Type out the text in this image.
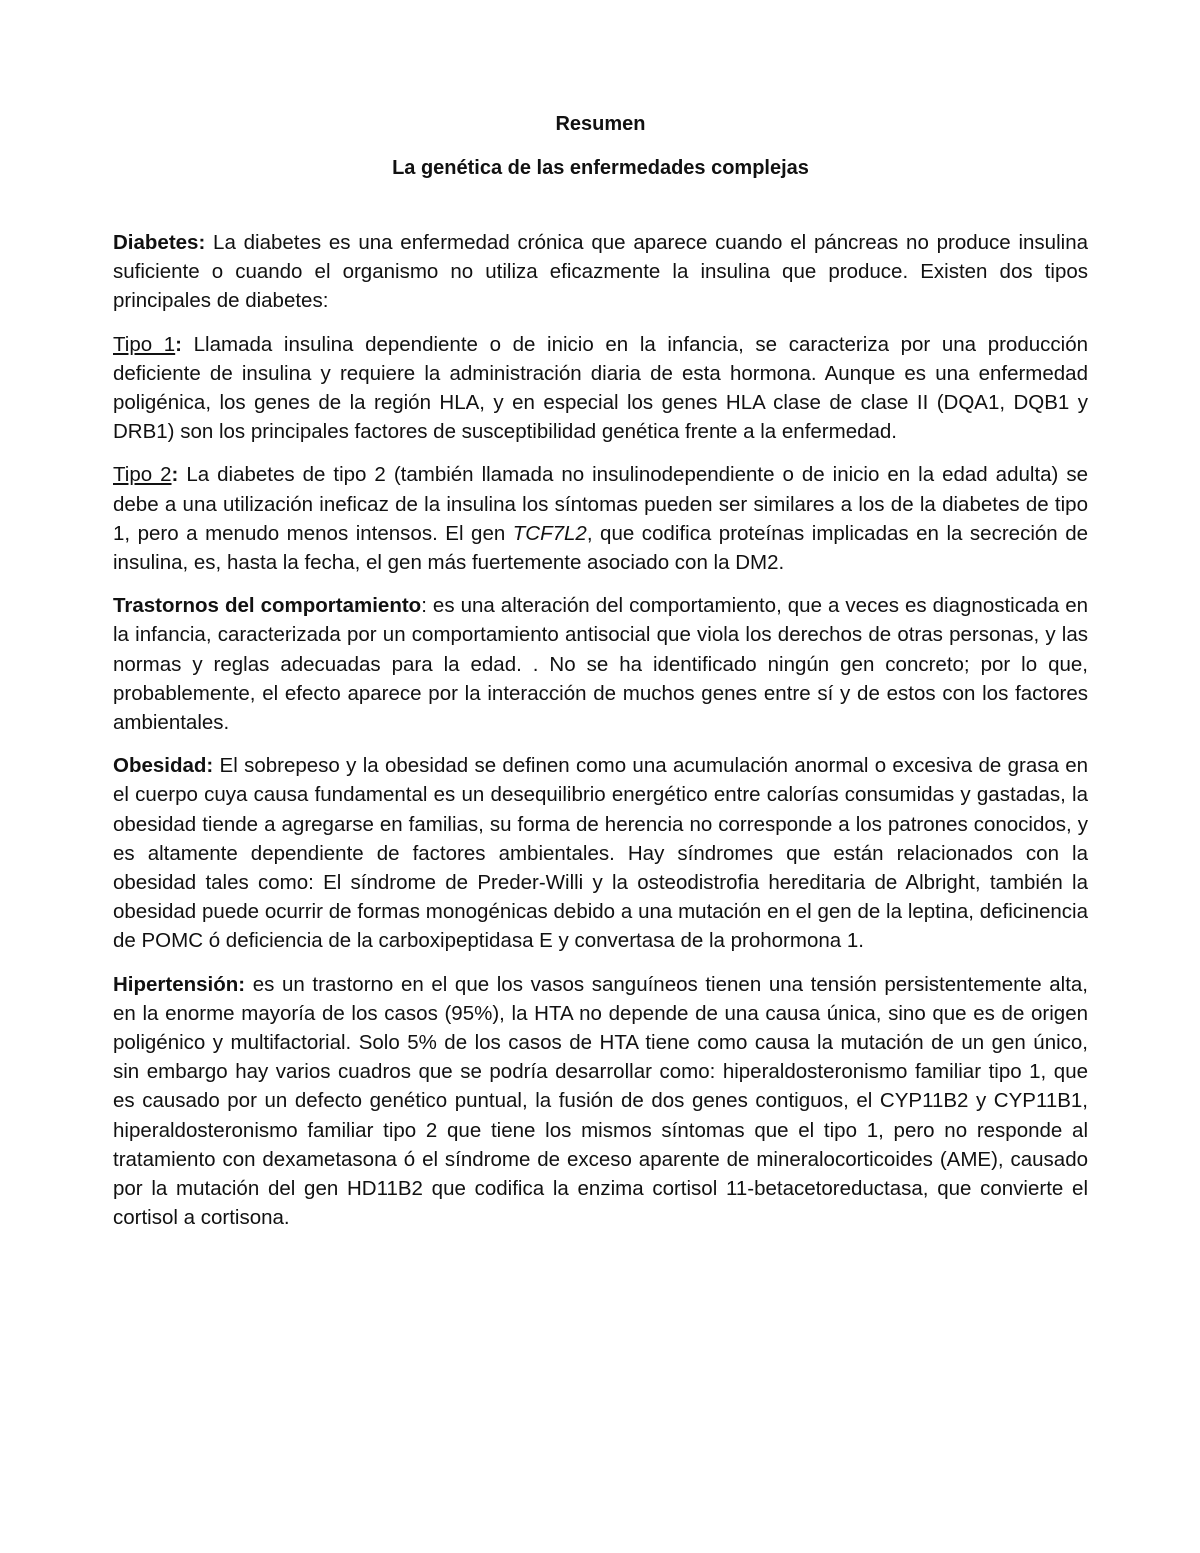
Resumen
La genética de las enfermedades complejas

Diabetes: La diabetes es una enfermedad crónica que aparece cuando el páncreas no produce insulina suficiente o cuando el organismo no utiliza eficazmente la insulina que produce. Existen dos tipos principales de diabetes:

Tipo 1: Llamada insulina dependiente o de inicio en la infancia, se caracteriza por una producción deficiente de insulina y requiere la administración diaria de esta hormona. Aunque es una enfermedad poligénica, los genes de la región HLA, y en especial los genes HLA clase de clase II (DQA1, DQB1 y DRB1) son los principales factores de susceptibilidad genética frente a la enfermedad.

Tipo 2: La diabetes de tipo 2 (también llamada no insulinodependiente o de inicio en la edad adulta) se debe a una utilización ineficaz de la insulina los síntomas pueden ser similares a los de la diabetes de tipo 1, pero a menudo menos intensos. El gen TCF7L2, que codifica proteínas implicadas en la secreción de insulina, es, hasta la fecha, el gen más fuertemente asociado con la DM2.

Trastornos del comportamiento: es una alteración del comportamiento, que a veces es diagnosticada en la infancia, caracterizada por un comportamiento antisocial que viola los derechos de otras personas, y las normas y reglas adecuadas para la edad. . No se ha identificado ningún gen concreto; por lo que, probablemente, el efecto aparece por la interacción de muchos genes entre sí y de estos con los factores ambientales.

Obesidad: El sobrepeso y la obesidad se definen como una acumulación anormal o excesiva de grasa en el cuerpo cuya causa fundamental es un desequilibrio energético entre calorías consumidas y gastadas, la obesidad tiende a agregarse en familias, su forma de herencia no corresponde a los patrones conocidos, y es altamente dependiente de factores ambientales. Hay síndromes que están relacionados con la obesidad tales como: El síndrome de Preder-Willi y la osteodistrofia hereditaria de Albright, también la obesidad puede ocurrir de formas monogénicas debido a una mutación en el gen de la leptina, deficinencia de POMC ó deficiencia de la carboxipeptidasa E y convertasa de la prohormona 1.

Hipertensión: es un trastorno en el que los vasos sanguíneos tienen una tensión persistentemente alta, en la enorme mayoría de los casos (95%), la HTA no depende de una causa única, sino que es de origen poligénico y multifactorial. Solo 5% de los casos de HTA tiene como causa la mutación de un gen único, sin embargo hay varios cuadros que se podría desarrollar como: hiperaldosteronismo familiar tipo 1, que es causado por un defecto genético puntual, la fusión de dos genes contiguos, el CYP11B2 y CYP11B1, hiperaldosteronismo familiar tipo 2 que tiene los mismos síntomas que el tipo 1, pero no responde al tratamiento con dexametasona ó el síndrome de exceso aparente de mineralocorticoides (AME), causado por la mutación del gen HD11B2 que codifica la enzima cortisol 11-betacetoreductasa, que convierte el cortisol a cortisona.
